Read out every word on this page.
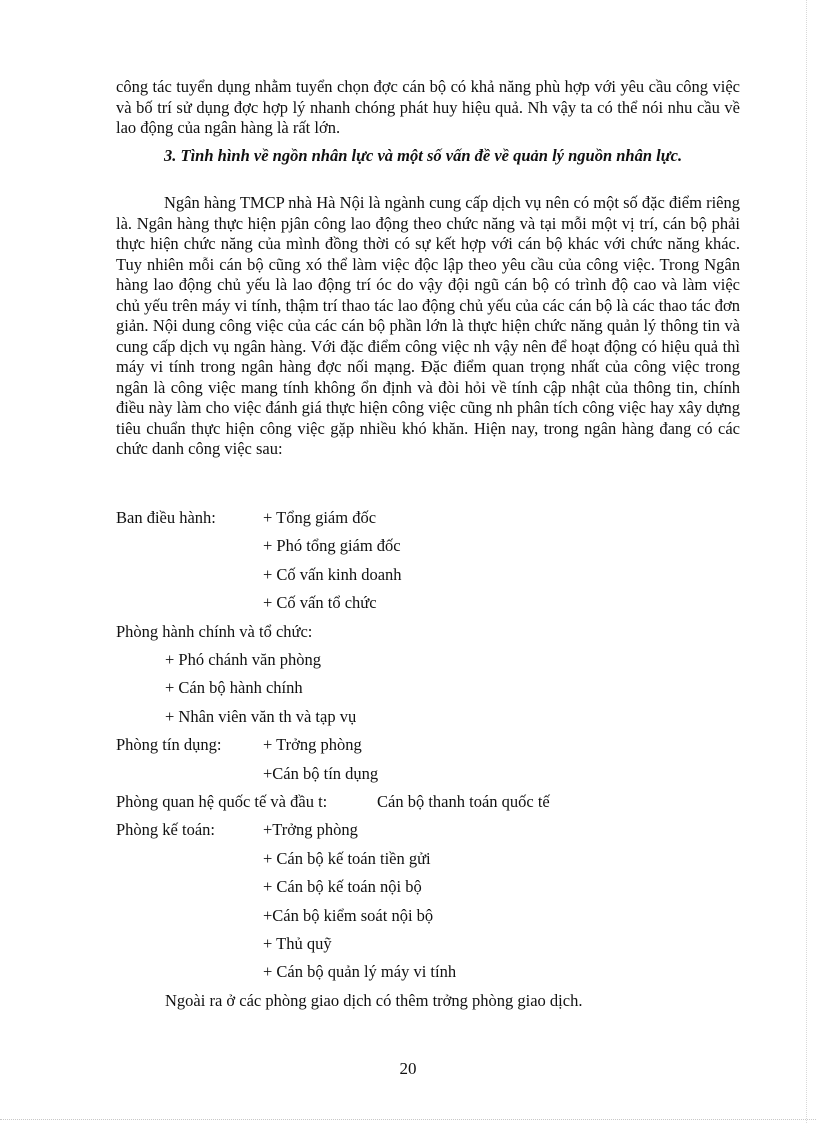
công tác tuyển dụng nhằm tuyển chọn đợc cán bộ có khả năng phù hợp với yêu cầu công việc và bố trí sử dụng đợc hợp lý nhanh chóng phát huy hiệu quả. Nh vậy ta có thể nói nhu cầu về lao động của ngân hàng là rất lớn.

3. Tình hình về ngồn nhân lực và một số vấn đề về quản lý nguồn nhân lực.

Ngân hàng TMCP nhà Hà Nội là ngành cung cấp dịch vụ nên có một số đặc điểm riêng là. Ngân hàng thực hiện pjân công lao động theo chức năng và tại mỗi một vị trí, cán bộ phải thực hiện chức năng của mình đồng thời có sự kết hợp với cán bộ khác với chức năng khác. Tuy nhiên mỗi cán bộ cũng xó thể làm việc độc lập theo yêu cầu của công việc. Trong Ngân hàng lao động chủ yếu là lao động trí óc do vậy đội ngũ cán bộ có trình độ cao và làm việc chủ yếu trên máy vi tính, thậm trí thao tác lao động chủ yếu của các cán bộ là các thao tác đơn giản. Nội dung công việc của các cán bộ phần lớn là thực hiện chức năng quản lý thông tin và cung cấp dịch vụ ngân hàng. Với đặc điểm công việc nh vậy nên để hoạt động có hiệu quả thì máy vi tính trong ngân hàng đợc nối mạng. Đặc điểm quan trọng nhất của công việc trong ngân là công việc mang tính không ổn định và đòi hỏi về tính cập nhật của thông tin, chính điều này làm cho việc đánh giá thực hiện công việc cũng nh phân tích công việc hay xây dựng tiêu chuẩn thực hiện công việc gặp nhiều khó khăn. Hiện nay, trong ngân hàng đang có các chức danh công việc sau:

Ban điều hành:	+ Tổng giám đốc

+ Phó tổng giám đốc

+ Cố vấn kinh doanh

+ Cố vấn tổ chức

Phòng hành chính và tổ chức:

+ Phó chánh văn phòng

+ Cán bộ hành chính

+ Nhân viên văn th và tạp vụ

Phòng tín dụng:	+ Trởng phòng

+Cán bộ tín dụng

Phòng quan hệ quốc tế và đầu t:	Cán bộ thanh toán quốc tế

Phòng kế toán:	+Trởng phòng

+ Cán bộ kế toán tiền gửi

+ Cán bộ kế toán nội bộ

+Cán bộ kiểm soát nội bộ

+ Thủ quỹ

+ Cán bộ quản lý máy vi tính

Ngoài ra ở các phòng giao dịch có thêm trởng phòng giao dịch.

20
